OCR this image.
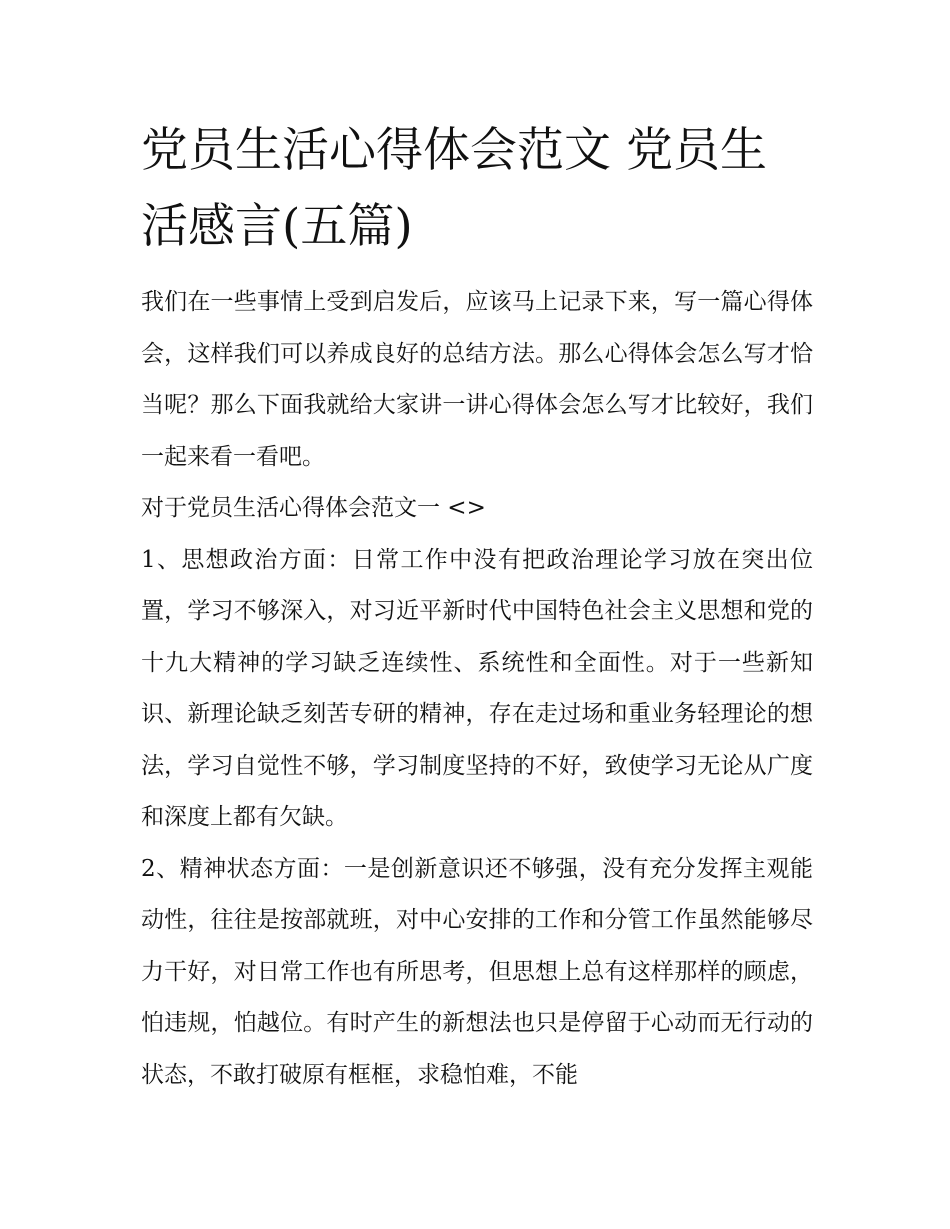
党员生活心得体会范文 党员生活感言(五篇)

我们在一些事情上受到启发后，应该马上记录下来，写一篇心得体会，这样我们可以养成良好的总结方法。那么心得体会怎么写才恰当呢？那么下面我就给大家讲一讲心得体会怎么写才比较好，我们一起来看一看吧。

对于党员生活心得体会范文一 <>

1、思想政治方面：日常工作中没有把政治理论学习放在突出位置，学习不够深入，对习近平新时代中国特色社会主义思想和党的十九大精神的学习缺乏连续性、系统性和全面性。对于一些新知识、新理论缺乏刻苦专研的精神，存在走过场和重业务轻理论的想法，学习自觉性不够，学习制度坚持的不好，致使学习无论从广度和深度上都有欠缺。

2、精神状态方面：一是创新意识还不够强，没有充分发挥主观能动性，往往是按部就班，对中心安排的工作和分管工作虽然能够尽力干好，对日常工作也有所思考，但思想上总有这样那样的顾虑，怕违规，怕越位。有时产生的新想法也只是停留于心动而无行动的状态，不敢打破原有框框，求稳怕难，不能
